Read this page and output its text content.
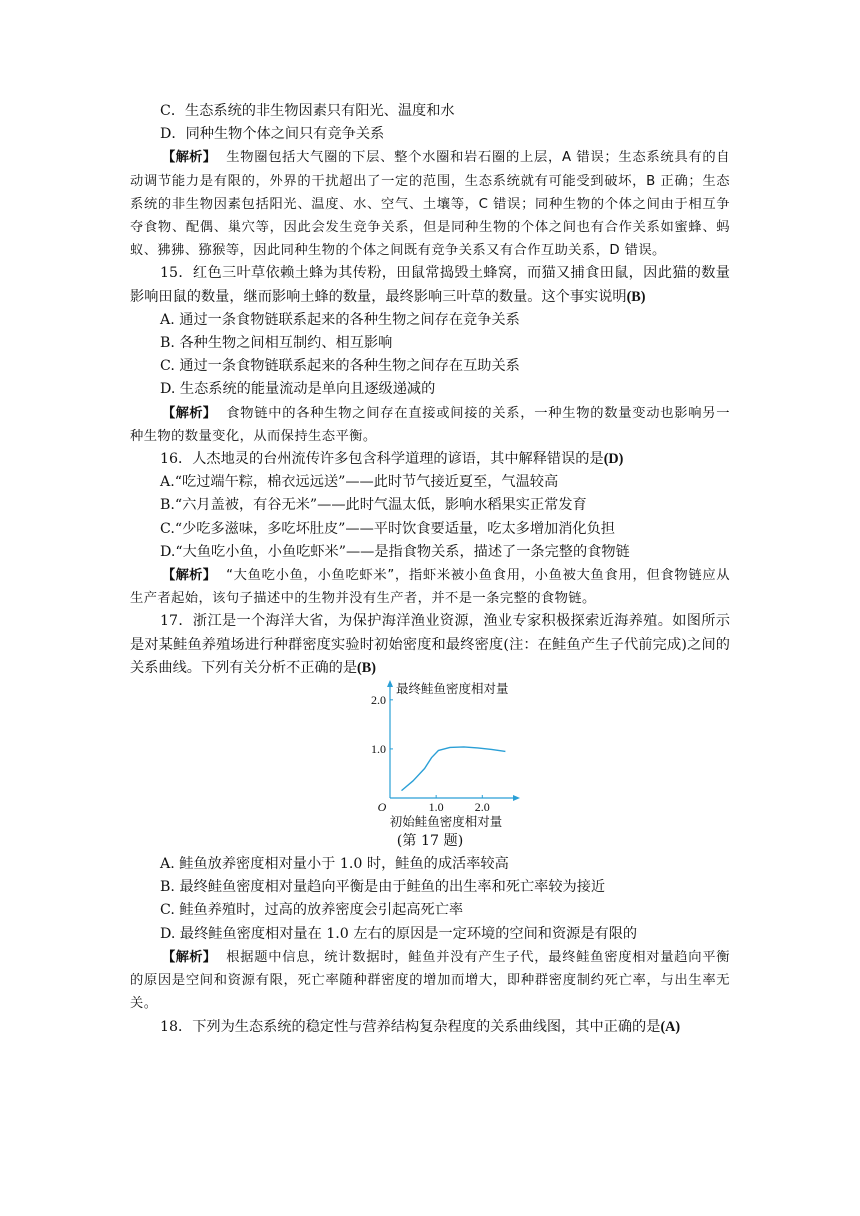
C．生态系统的非生物因素只有阳光、温度和水

D．同种生物个体之间只有竞争关系

【解析】 生物圈包括大气圈的下层、整个水圈和岩石圈的上层，A 错误；生态系统具有的自动调节能力是有限的，外界的干扰超出了一定的范围，生态系统就有可能受到破坏，B 正确；生态系统的非生物因素包括阳光、温度、水、空气、土壤等，C 错误；同种生物的个体之间由于相互争夺食物、配偶、巢穴等，因此会发生竞争关系，但是同种生物的个体之间也有合作关系如蜜蜂、蚂蚁、狒狒、猕猴等，因此同种生物的个体之间既有竞争关系又有合作互助关系，D 错误。

15．红色三叶草依赖土蜂为其传粉，田鼠常捣毁土蜂窝，而猫又捕食田鼠，因此猫的数量影响田鼠的数量，继而影响土蜂的数量，最终影响三叶草的数量。这个事实说明(B)

A. 通过一条食物链联系起来的各种生物之间存在竞争关系

B. 各种生物之间相互制约、相互影响

C. 通过一条食物链联系起来的各种生物之间存在互助关系

D. 生态系统的能量流动是单向且逐级递减的

【解析】 食物链中的各种生物之间存在直接或间接的关系，一种生物的数量变动也影响另一种生物的数量变化，从而保持生态平衡。

16．人杰地灵的台州流传许多包含科学道理的谚语，其中解释错误的是(D)

A.“吃过端午粽，棉衣远远送”——此时节气接近夏至，气温较高

B.“六月盖被，有谷无米”——此时气温太低，影响水稻果实正常发育

C.“少吃多滋味，多吃坏肚皮”——平时饮食要适量，吃太多增加消化负担

D.“大鱼吃小鱼，小鱼吃虾米”——是指食物关系，描述了一条完整的食物链

【解析】 “大鱼吃小鱼，小鱼吃虾米”，指虾米被小鱼食用，小鱼被大鱼食用，但食物链应从生产者起始，该句子描述中的生物并没有生产者，并不是一条完整的食物链。

17．浙江是一个海洋大省，为保护海洋渔业资源，渔业专家积极探索近海养殖。如图所示是对某鲑鱼养殖场进行种群密度实验时初始密度和最终密度(注：在鲑鱼产生子代前完成)之间的关系曲线。下列有关分析不正确的是(B)

1.0
2.0
1.0	2.0
O
最终鲑鱼密度相对量
初始鲑鱼密度相对量

(第 17 题)

A. 鲑鱼放养密度相对量小于 1.0 时，鲑鱼的成活率较高

B. 最终鲑鱼密度相对量趋向平衡是由于鲑鱼的出生率和死亡率较为接近

C. 鲑鱼养殖时，过高的放养密度会引起高死亡率

D. 最终鲑鱼密度相对量在 1.0 左右的原因是一定环境的空间和资源是有限的

【解析】 根据题中信息，统计数据时，鲑鱼并没有产生子代，最终鲑鱼密度相对量趋向平衡的原因是空间和资源有限，死亡率随种群密度的增加而增大，即种群密度制约死亡率，与出生率无关。

18．下列为生态系统的稳定性与营养结构复杂程度的关系曲线图，其中正确的是(A)
